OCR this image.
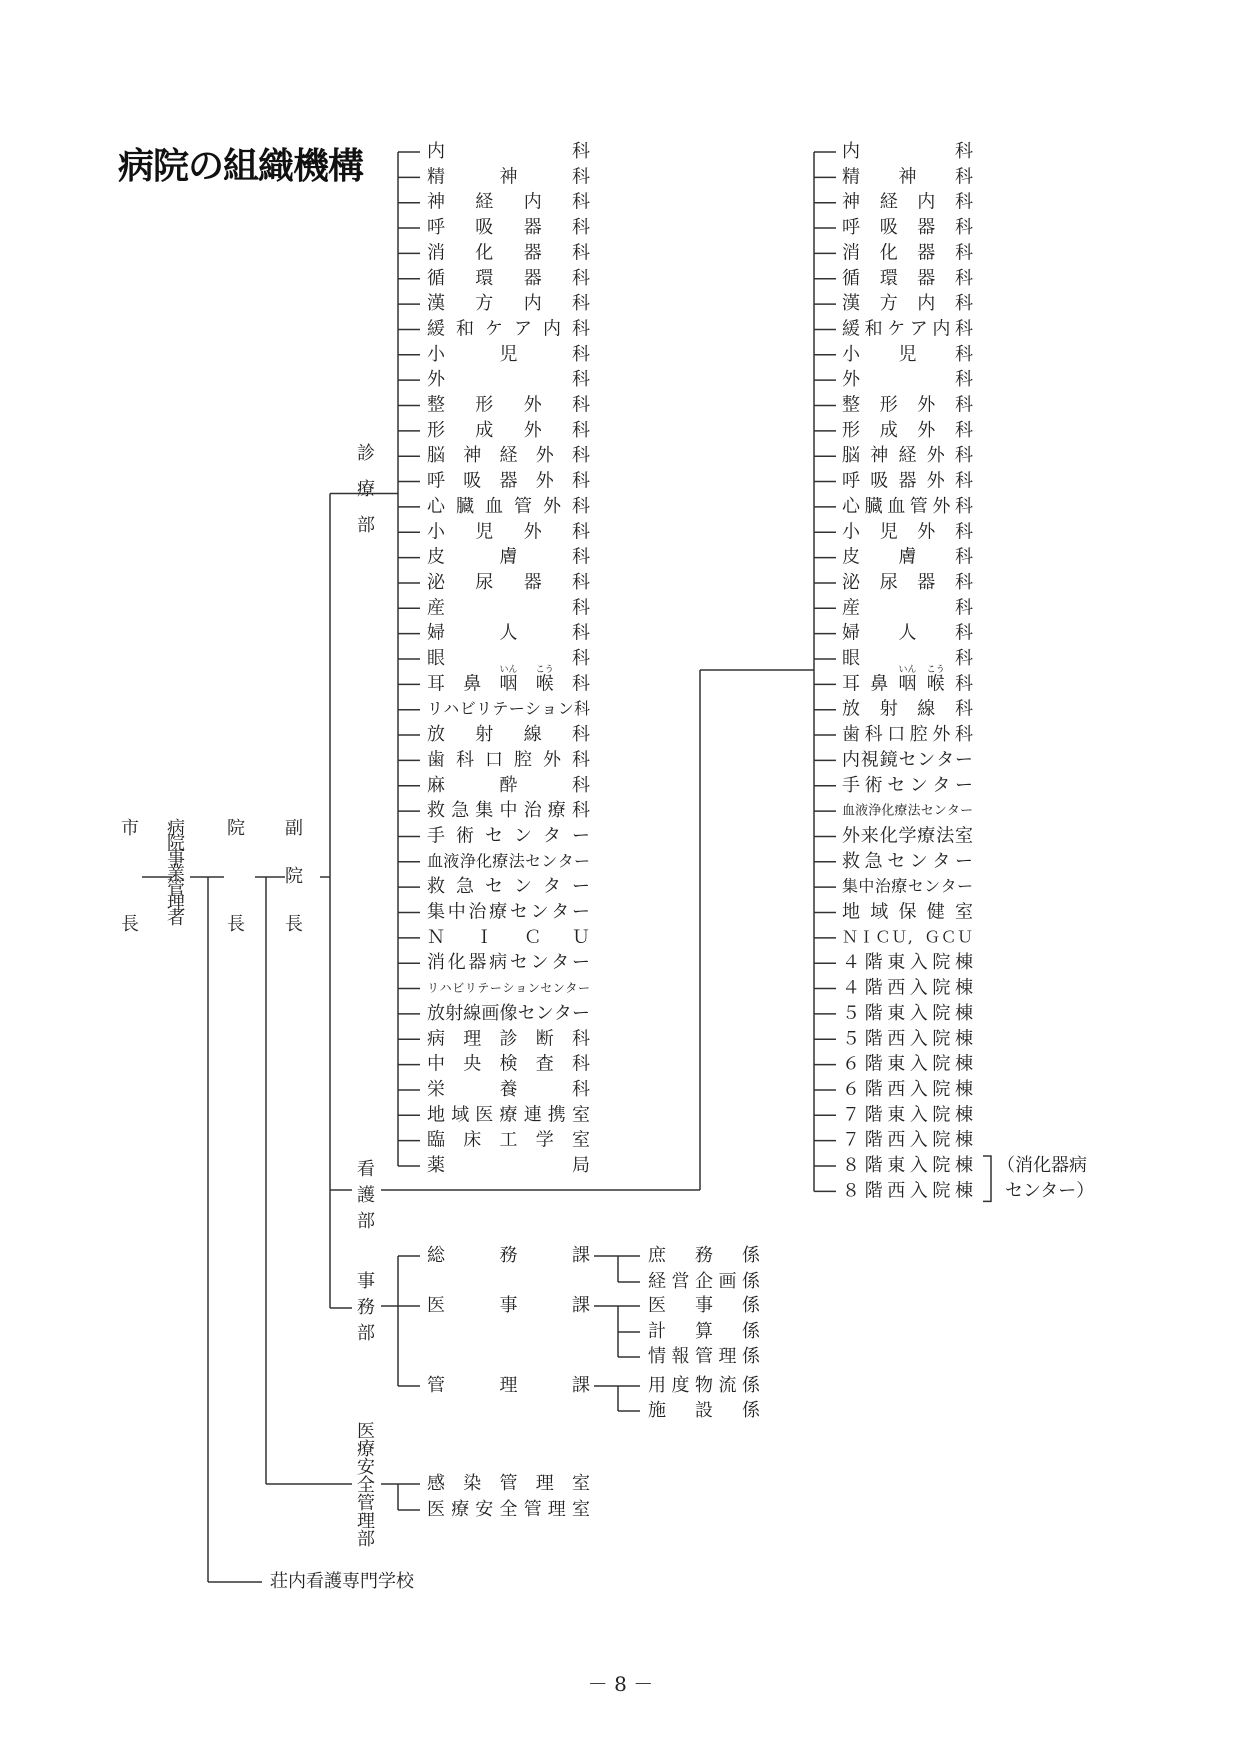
病院の組織機構	内科
精神科
神経内科
呼吸器科
消化器科
循環器科
漢方内科
緩和ケア内科
小児科
外科
整形外科
形成外科
脳神経外科
呼吸器外科
心臓血管外科
小児外科
皮膚科
泌尿器科
産科
婦人科
眼科
耳鼻咽喉科
リハビリテーション科
放射線科
歯科口腔外科
麻酔科
救急集中治療科
手術センター
血液浄化療法センター
救急センター
集中治療センター
ＮＩＣＵ
消化器病センター
リハビリテーションセンター
放射線画像センター
病理診断科
中央検査科
栄養科
地域医療連携室
臨床工学室
薬局
内科
精神科
神経内科
呼吸器科
消化器科
循環器科
漢方内科
緩和ケア内科
小児科
外科
整形外科
形成外科
脳神経外科
呼吸器外科
心臓血管外科
小児外科
皮膚科
泌尿器科
産科
婦人科
眼科
耳鼻咽喉科
放射線科
歯科口腔外科
内視鏡センター
手術センター
血液浄化療法センター
外来化学療法室
救急センター
集中治療センター
地域保健室
ＮＩＣＵ,ＧＣＵ
４階東入院棟
４階西入院棟
５階東入院棟
５階西入院棟
６階東入院棟
６階西入院棟
７階東入院棟
７階西入院棟
８階東入院棟
８階西入院棟
いん こう	いん こう
（消化器病
センター）
診
療
部
看
護
部
事
務
部
総務課	庶務係
経営企画係
医事課	医事係
計算係
情報管理係
管理課	用度物流係
施設係
医
療
安
全
管
理
部
感染管理室
医療安全管理室
市
長
病
院
事
業
管
理
者
院
長
副
院
長
荘内看護専門学校
－ 8 －
